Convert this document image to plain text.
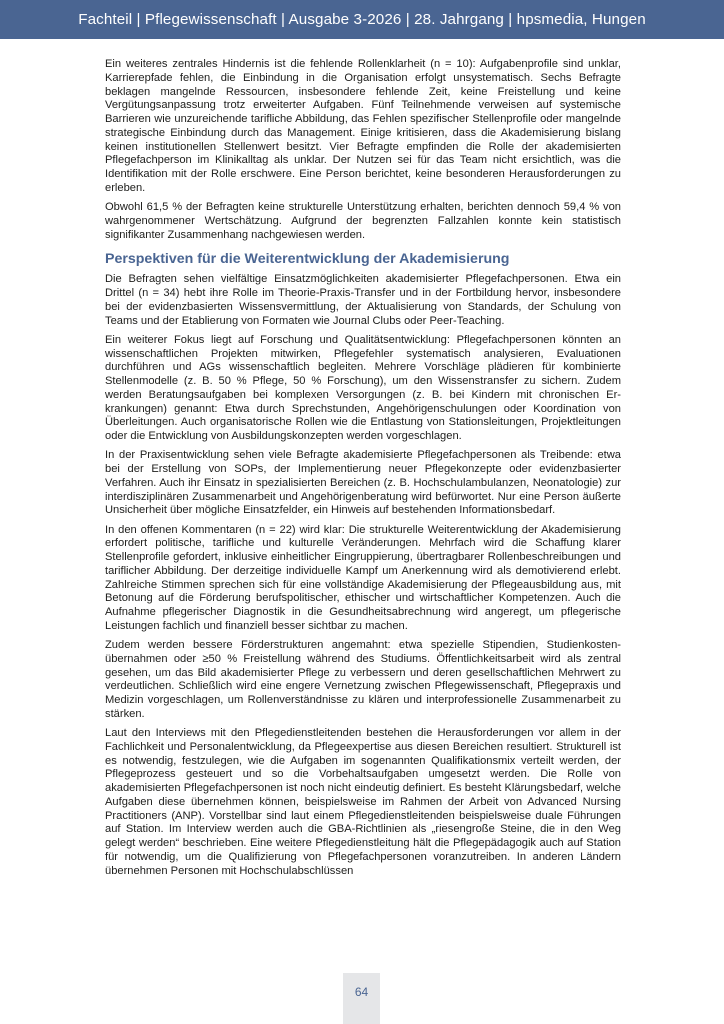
Fachteil | Pflegewissenschaft | Ausgabe 3-2026 | 28. Jahrgang | hpsmedia, Hungen

Ein weiteres zentrales Hindernis ist die fehlende Rollenklarheit (n = 10): Aufgabenprofile sind unklar, Karrierepfade fehlen, die Einbindung in die Organisation erfolgt unsystematisch. Sechs Befragte beklagen mangelnde Ressourcen, insbesondere fehlende Zeit, keine Freistellung und keine Vergütungsanpassung trotz erweiterter Aufgaben. Fünf Teilnehmende verweisen auf systemische Barrieren wie unzureichende tarifliche Abbildung, das Fehlen spezifischer Stellenprofile oder mangelnde strategische Einbindung durch das Management. Einige kritisieren, dass die Akademisierung bislang keinen institutionellen Stellenwert besitzt. Vier Befragte empfinden die Rolle der akademisierten Pflegefachperson im Klinikalltag als unklar. Der Nutzen sei für das Team nicht ersichtlich, was die Identifikation mit der Rolle erschwere. Eine Person berichtet, keine besonderen Herausforderungen zu erleben.

Obwohl 61,5 % der Befragten keine strukturelle Unterstützung erhalten, berichten dennoch 59,4 % von wahrgenommener Wertschätzung. Aufgrund der begrenzten Fallzahlen konnte kein statistisch signifikanter Zusammenhang nachgewiesen werden.

Perspektiven für die Weiterentwicklung der Akademisierung

Die Befragten sehen vielfältige Einsatzmöglichkeiten akademisierter Pflegefachpersonen. Etwa ein Drittel (n = 34) hebt ihre Rolle im Theorie-Praxis-Transfer und in der Fortbildung hervor, insbesondere bei der evidenzbasierten Wissensvermittlung, der Aktualisierung von Standards, der Schulung von Teams und der Etablierung von Formaten wie Journal Clubs oder Peer-Teaching.

Ein weiterer Fokus liegt auf Forschung und Qualitätsentwicklung: Pflegefachpersonen könnten an wissenschaftlichen Projekten mitwirken, Pflegefehler systematisch analysieren, Evaluationen durchführen und AGs wissenschaftlich begleiten. Mehrere Vorschläge plädieren für kombinierte Stellenmodelle (z. B. 50 % Pflege, 50 % Forschung), um den Wissenstransfer zu sichern. Zudem werden Beratungsaufgaben bei komplexen Versorgungen (z. B. bei Kindern mit chronischen Erkrankungen) genannt: Etwa durch Sprechstunden, Angehörigenschulungen oder Koordination von Überleitungen. Auch organisatorische Rollen wie die Entlastung von Stationsleitungen, Projektleitungen oder die Entwicklung von Ausbildungskonzepten werden vorgeschlagen.

In der Praxisentwicklung sehen viele Befragte akademisierte Pflegefachpersonen als Treibende: etwa bei der Erstellung von SOPs, der Implementierung neuer Pflegekonzepte oder evidenzbasierter Verfahren. Auch ihr Einsatz in spezialisierten Bereichen (z. B. Hochschulambulanzen, Neonatologie) zur interdisziplinären Zusammenarbeit und Angehörigenberatung wird befürwortet. Nur eine Person äußerte Unsicherheit über mögliche Einsatzfelder, ein Hinweis auf bestehenden Informationsbedarf.

In den offenen Kommentaren (n = 22) wird klar: Die strukturelle Weiterentwicklung der Akademisierung erfordert politische, tarifliche und kulturelle Veränderungen. Mehrfach wird die Schaffung klarer Stellenprofile gefordert, inklusive einheitlicher Eingruppierung, übertragbarer Rollenbeschreibungen und tariflicher Abbildung. Der derzeitige individuelle Kampf um Anerkennung wird als demotivierend erlebt. Zahlreiche Stimmen sprechen sich für eine vollständige Akademisierung der Pflegeausbildung aus, mit Betonung auf die Förderung berufspolitischer, ethischer und wirtschaftlicher Kompetenzen. Auch die Aufnahme pflegerischer Diagnostik in die Gesundheitsabrechnung wird angeregt, um pflegerische Leistungen fachlich und finanziell besser sichtbar zu machen.

Zudem werden bessere Förderstrukturen angemahnt: etwa spezielle Stipendien, Studienkostenübernahmen oder ≥50 % Freistellung während des Studiums. Öffentlichkeitsarbeit wird als zentral gesehen, um das Bild akademisierter Pflege zu verbessern und deren gesellschaftlichen Mehrwert zu verdeutlichen. Schließlich wird eine engere Vernetzung zwischen Pflegewissenschaft, Pflegepraxis und Medizin vorgeschlagen, um Rollenverständnisse zu klären und interprofessionelle Zusammenarbeit zu stärken.

Laut den Interviews mit den Pflegedienstleitenden bestehen die Herausforderungen vor allem in der Fachlichkeit und Personalentwicklung, da Pflegeexpertise aus diesen Bereichen resultiert. Strukturell ist es notwendig, festzulegen, wie die Aufgaben im sogenannten Qualifikationsmix verteilt werden, der Pflegeprozess gesteuert und so die Vorbehaltsaufgaben umgesetzt werden. Die Rolle von akademisierten Pflegefachpersonen ist noch nicht eindeutig definiert. Es besteht Klärungsbedarf, welche Aufgaben diese übernehmen können, beispielsweise im Rahmen der Arbeit von Advanced Nursing Practitioners (ANP). Vorstellbar sind laut einem Pflegedienstleitenden beispielsweise duale Führungen auf Station. Im Interview werden auch die GBA-Richtlinien als „riesengroße Steine, die in den Weg gelegt werden“ beschrieben. Eine weitere Pflegedienstleitung hält die Pflegepädagogik auch auf Station für notwendig, um die Qualifizierung von Pflegefachpersonen voranzutreiben. In anderen Ländern übernehmen Personen mit Hochschulabschlüssen

64
